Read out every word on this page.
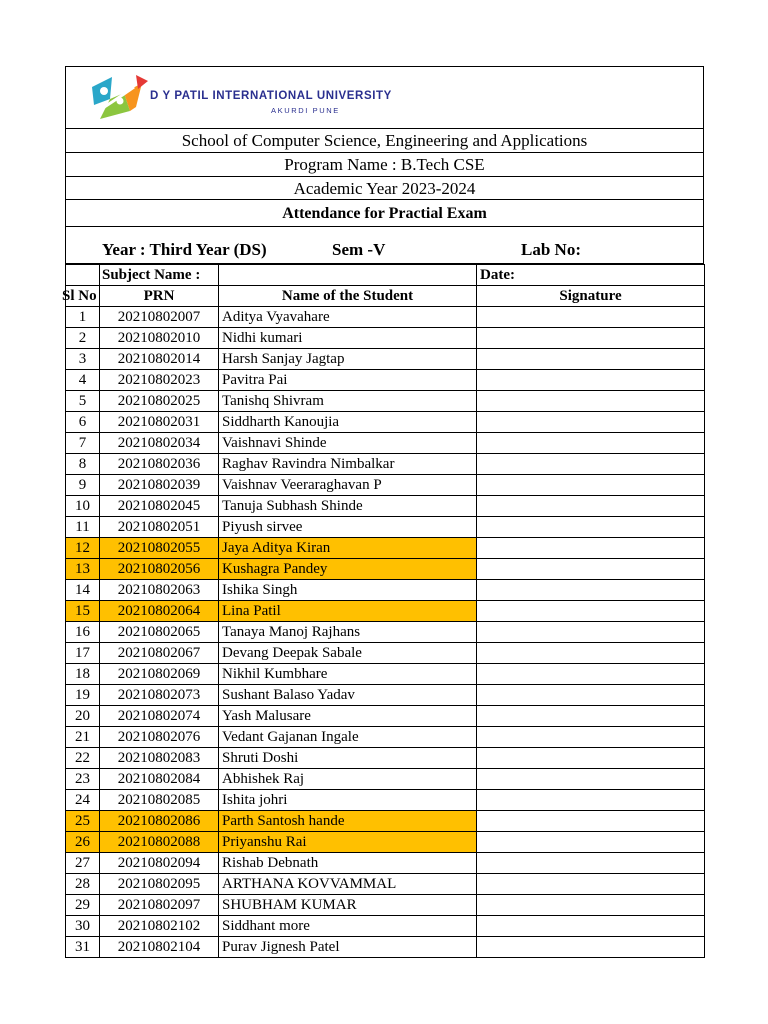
D Y PATIL INTERNATIONAL UNIVERSITY
AKURDI PUNE
School of Computer Science, Engineering and Applications
Program Name : B.Tech CSE
Academic Year 2023-2024
Attendance for Practial Exam
Year : Third Year (DS)	Sem -V	Lab No:
	Subject Name :		Date:
Sl No	PRN	Name of the Student	Signature
1	20210802007	Aditya Vyavahare	
2	20210802010	Nidhi kumari	
3	20210802014	Harsh Sanjay Jagtap	
4	20210802023	Pavitra Pai	
5	20210802025	Tanishq Shivram	
6	20210802031	Siddharth Kanoujia	
7	20210802034	Vaishnavi Shinde	
8	20210802036	Raghav Ravindra Nimbalkar	
9	20210802039	Vaishnav Veeraraghavan P	
10	20210802045	Tanuja Subhash Shinde	
11	20210802051	Piyush sirvee	
12	20210802055	Jaya Aditya Kiran	
13	20210802056	Kushagra Pandey	
14	20210802063	Ishika Singh	
15	20210802064	Lina Patil	
16	20210802065	Tanaya Manoj Rajhans	
17	20210802067	Devang Deepak Sabale	
18	20210802069	Nikhil Kumbhare	
19	20210802073	Sushant Balaso Yadav	
20	20210802074	Yash Malusare	
21	20210802076	Vedant Gajanan Ingale	
22	20210802083	Shruti Doshi	
23	20210802084	Abhishek Raj	
24	20210802085	Ishita johri	
25	20210802086	Parth Santosh hande	
26	20210802088	Priyanshu Rai	
27	20210802094	Rishab Debnath	
28	20210802095	ARTHANA KOVVAMMAL	
29	20210802097	SHUBHAM KUMAR	
30	20210802102	Siddhant more	
31	20210802104	Purav Jignesh Patel	
